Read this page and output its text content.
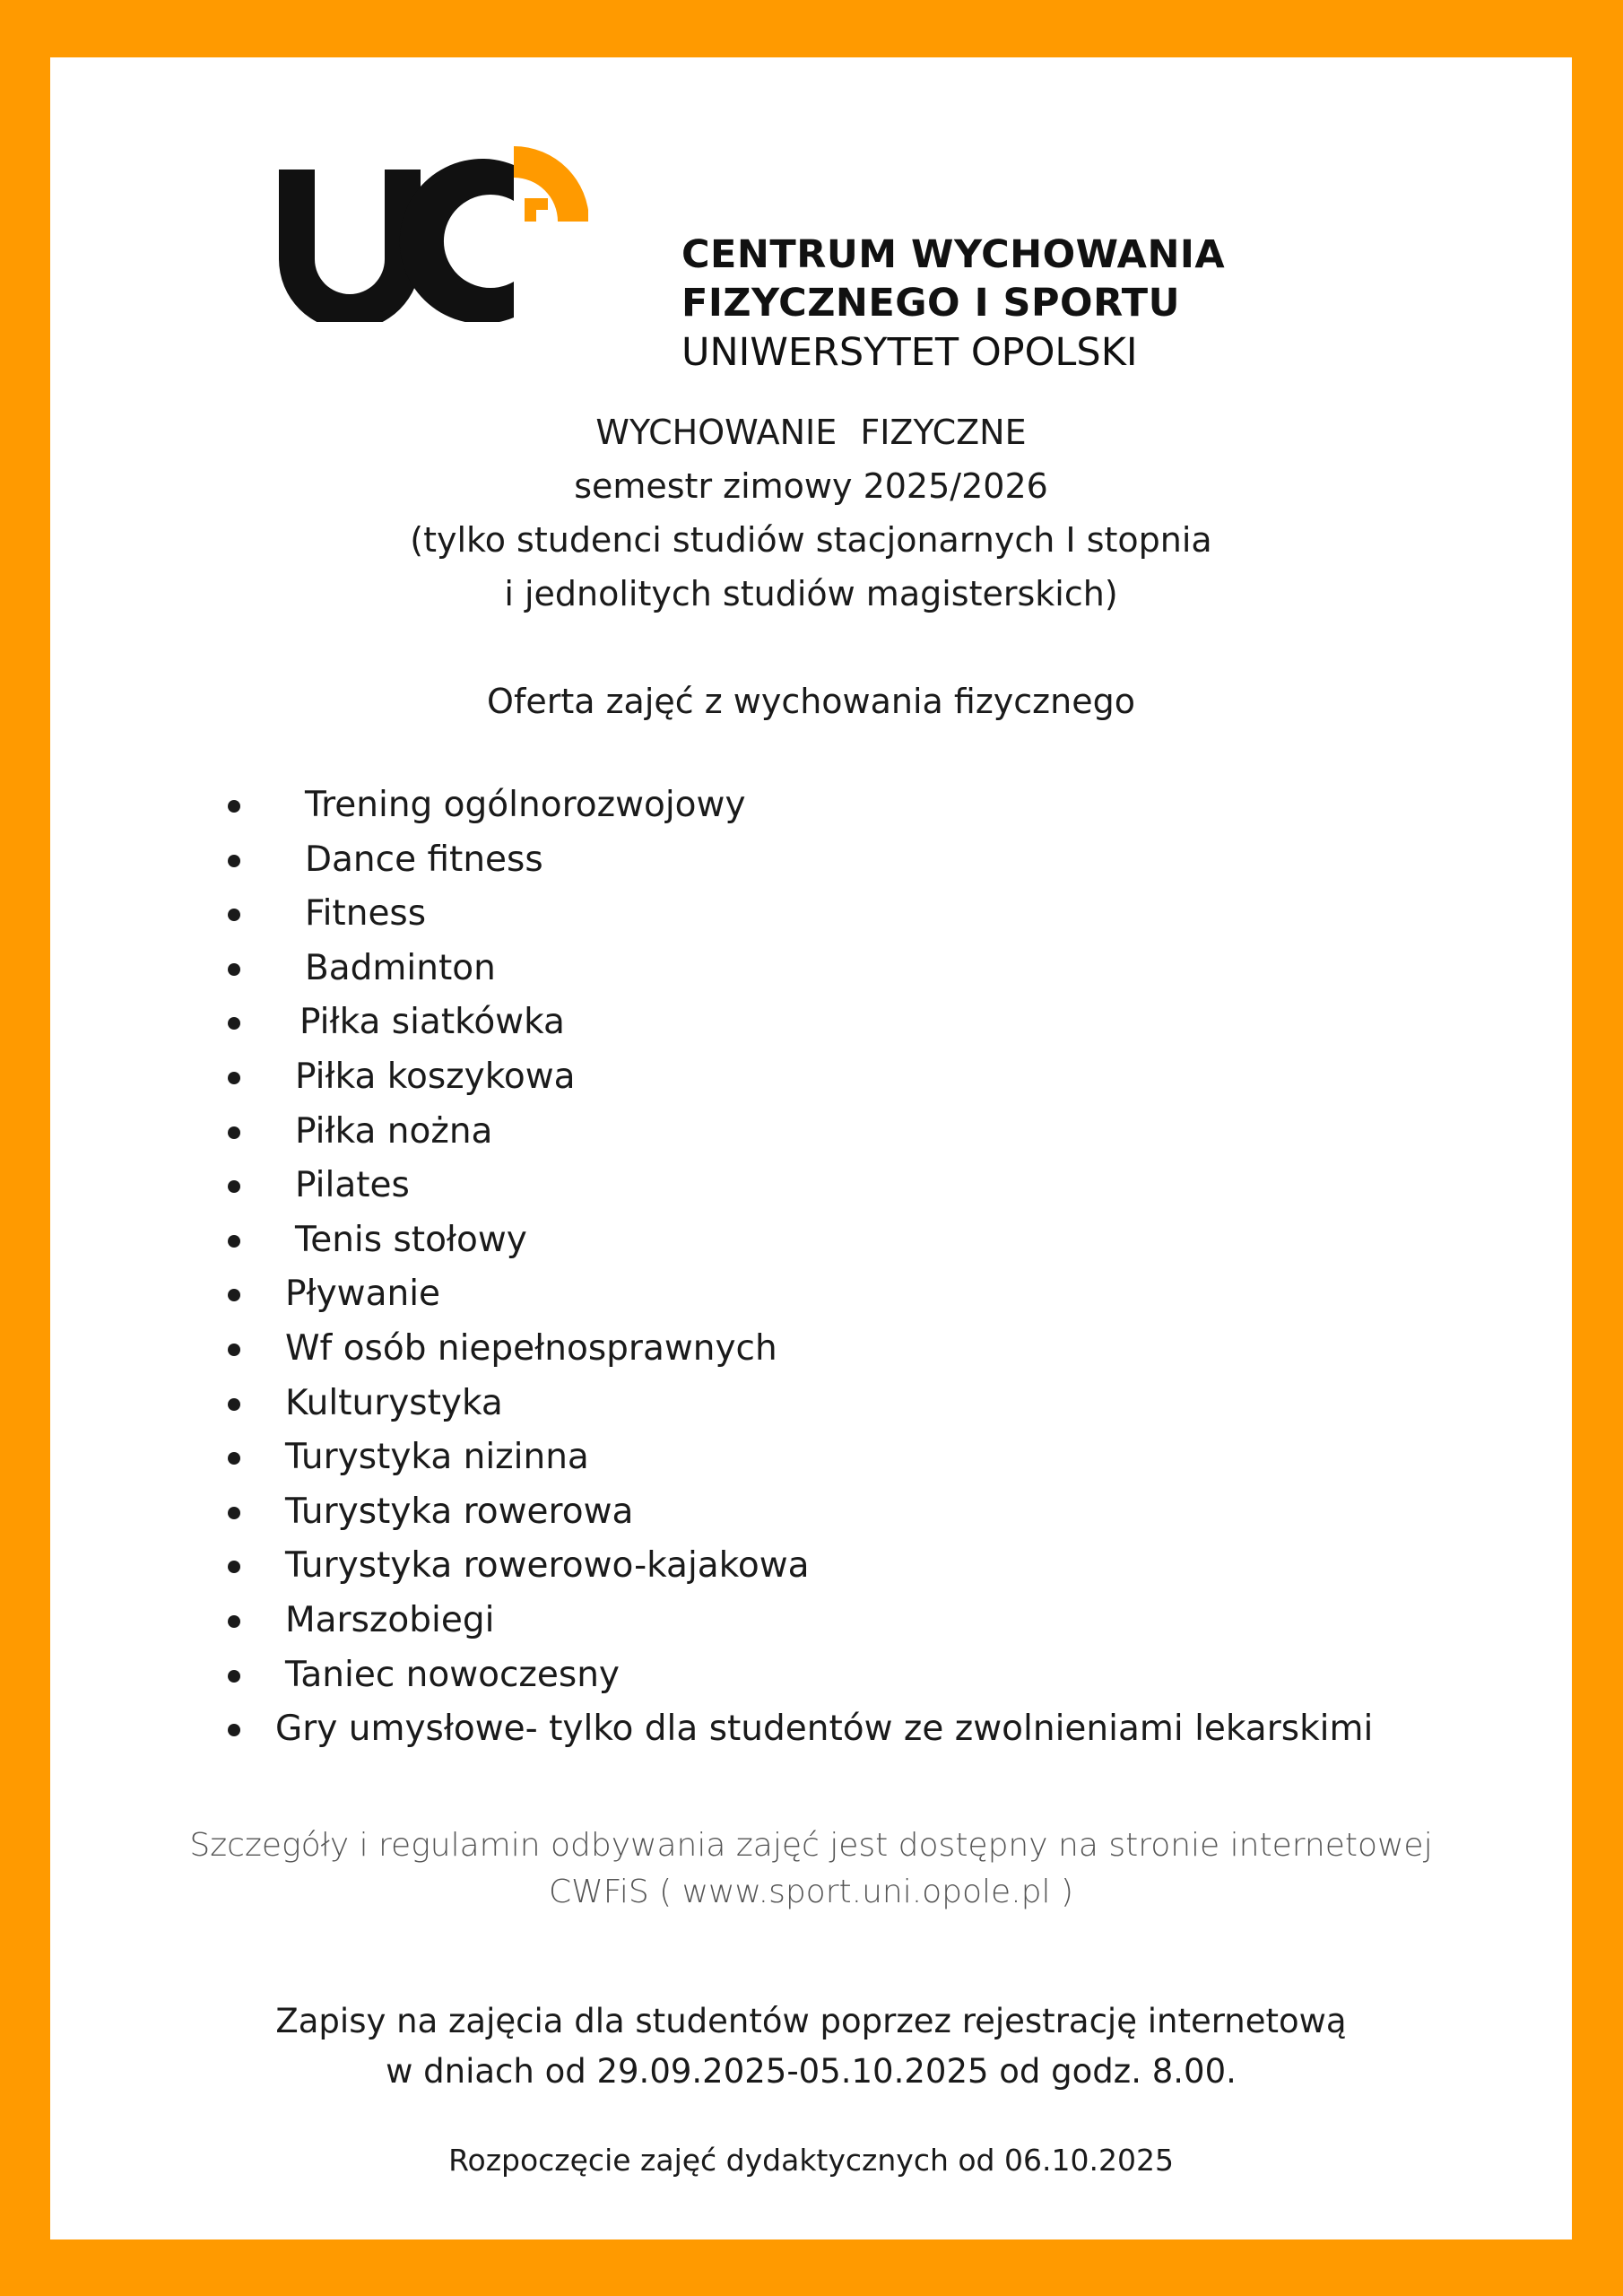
CENTRUM WYCHOWANIA
FIZYCZNEGO I SPORTU
UNIWERSYTET OPOLSKI
WYCHOWANIE FIZYCZNE
semestr zimowy 2025/2026
(tylko studenci studiów stacjonarnych I stopnia
i jednolitych studiów magisterskich)
Oferta zajęć z wychowania fizycznego
Trening ogólnorozwojowy
Dance fitness
Fitness
Badminton
Piłka siatkówka
Piłka koszykowa
Piłka nożna
Pilates
Tenis stołowy
Pływanie
Wf osób niepełnosprawnych
Kulturystyka
Turystyka nizinna
Turystyka rowerowa
Turystyka rowerowo-kajakowa
Marszobiegi
Taniec nowoczesny
Gry umysłowe- tylko dla studentów ze zwolnieniami lekarskimi
Szczegóły i regulamin odbywania zajęć jest dostępny na stronie internetowej
CWFiS ( www.sport.uni.opole.pl )
Zapisy na zajęcia dla studentów poprzez rejestrację internetową
w dniach od 29.09.2025-05.10.2025 od godz. 8.00.
Rozpoczęcie zajęć dydaktycznych od 06.10.2025
